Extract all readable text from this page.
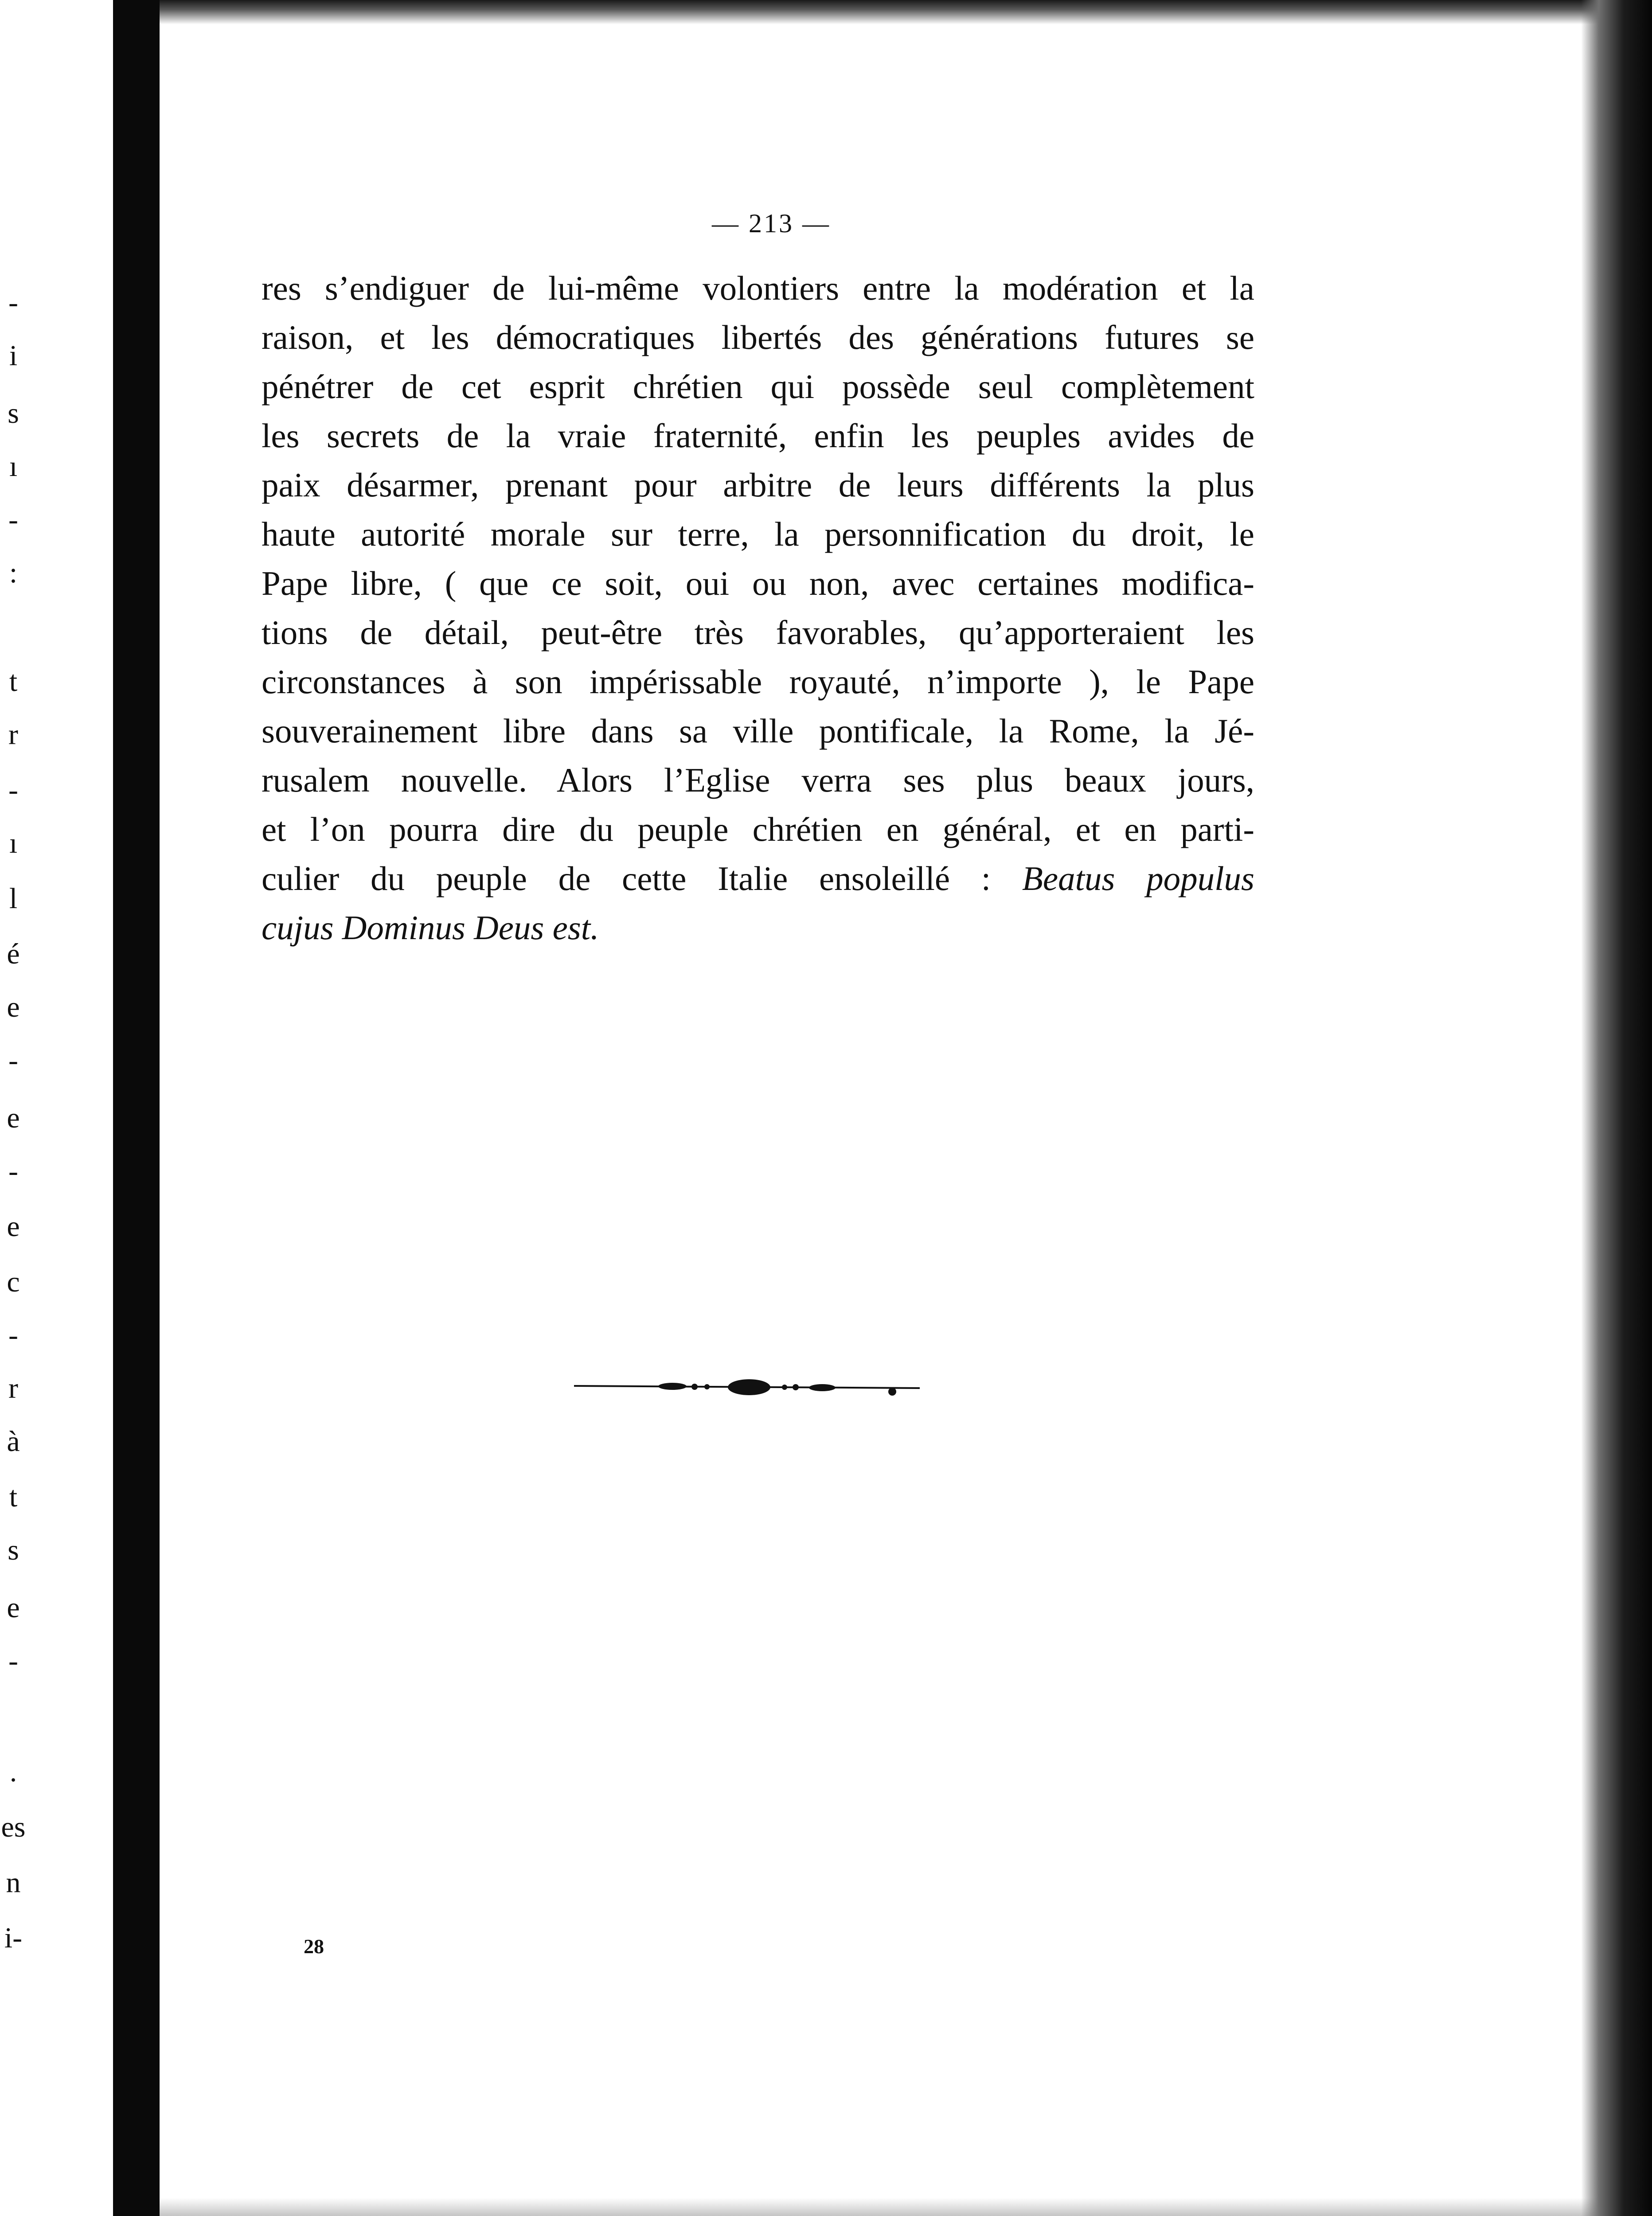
-
i
s
ı
-
:
t
r
-
ı
l
é
e
-
e
-
e
c
-
r
à
t
s
e
-
.
es
n
i-
— 213 —
res s’endiguer de lui-même volontiers entre la modération et la
raison, et les démocratiques libertés des générations futures se
pénétrer de cet esprit chrétien qui possède seul complètement
les secrets de la vraie fraternité, enfin les peuples avides de
paix désarmer, prenant pour arbitre de leurs différents la plus
haute autorité morale sur terre, la personnification du droit, le
Pape libre, ( que ce soit, oui ou non, avec certaines modifica-
tions de détail, peut-être très favorables, qu’apporteraient les
circonstances à son impérissable royauté, n’importe ), le Pape
souverainement libre dans sa ville pontificale, la Rome, la Jé-
rusalem nouvelle. Alors l’Eglise verra ses plus beaux jours,
et l’on pourra dire du peuple chrétien en général, et en parti-
culier du peuple de cette Italie ensoleillé : Beatus populus
cujus Dominus Deus est.
28
